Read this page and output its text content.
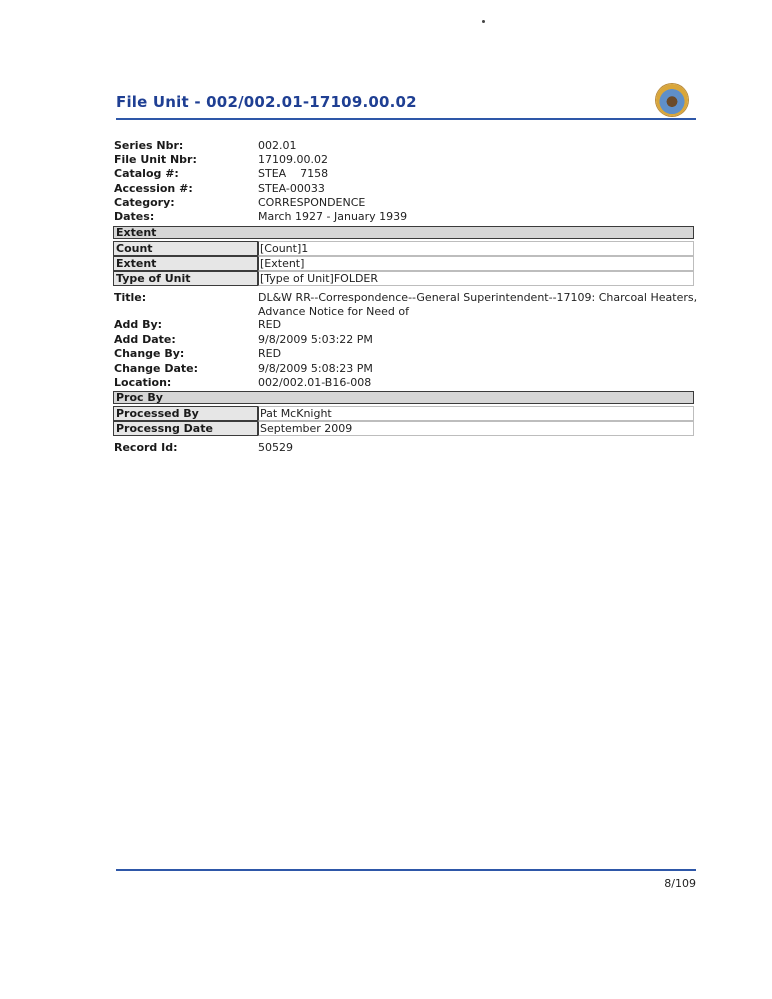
File Unit - 002/002.01-17109.00.02
Series Nbr:	002.01
File Unit Nbr:	17109.00.02
Catalog #:	STEA    7158
Accession #:	STEA-00033
Category:	CORRESPONDENCE
Dates:	March 1927 - January 1939
Extent
Count	[Count]1
Extent	[Extent]
Type of Unit	[Type of Unit]FOLDER
Title:	DL&W RR--Correspondence--General Superintendent--17109: Charcoal Heaters, Advance Notice for Need of
Add By:	RED
Add Date:	9/8/2009 5:03:22 PM
Change By:	RED
Change Date:	9/8/2009 5:08:23 PM
Location:	002/002.01-B16-008
Proc By
Processed By	Pat McKnight
Processng Date	September 2009
Record Id:	50529
8/109
